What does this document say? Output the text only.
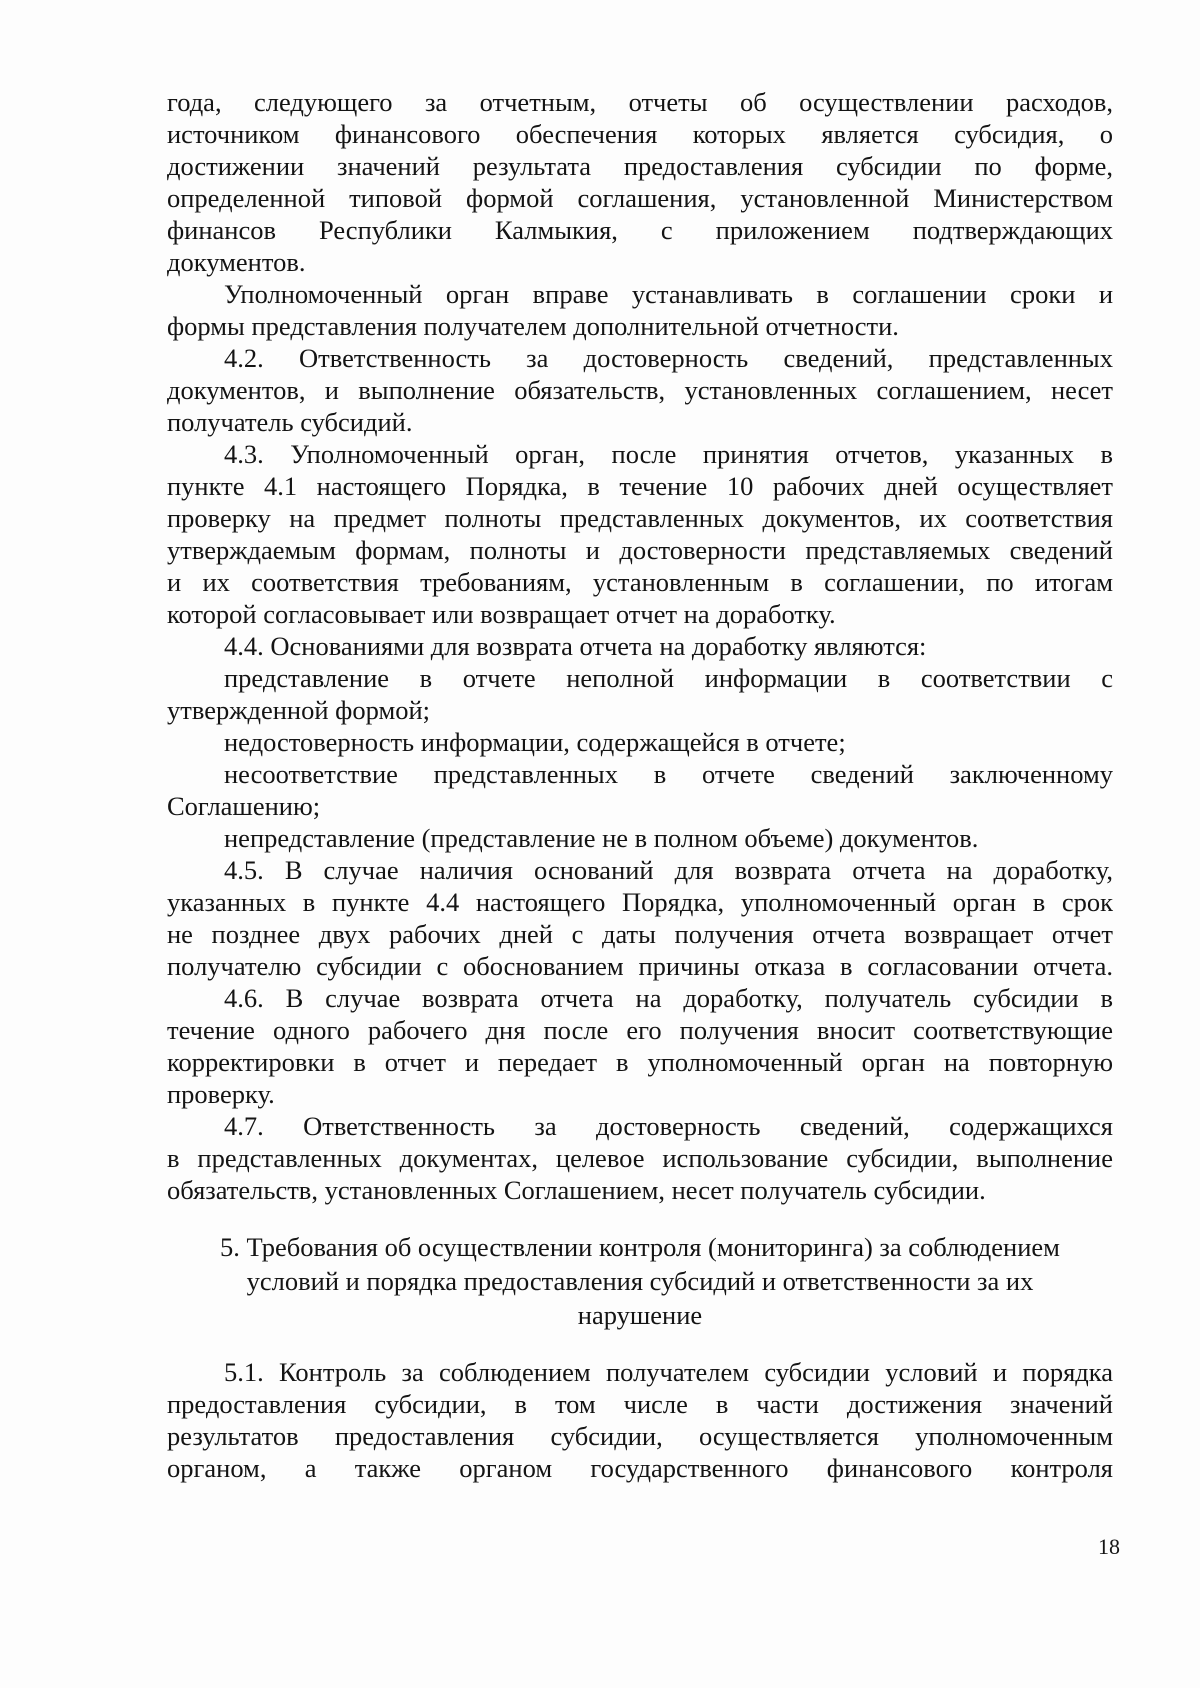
года, следующего за отчетным, отчеты об осуществлении расходов,
источником финансового обеспечения которых является субсидия, о
достижении значений результата предоставления субсидии по форме,
определенной типовой формой соглашения, установленной Министерством
финансов Республики Калмыкия, с приложением подтверждающих
документов.
Уполномоченный орган вправе устанавливать в соглашении сроки и
формы представления получателем дополнительной отчетности.
4.2. Ответственность за достоверность сведений, представленных
документов, и выполнение обязательств, установленных соглашением, несет
получатель субсидий.
4.3. Уполномоченный орган, после принятия отчетов, указанных в
пункте 4.1 настоящего Порядка, в течение 10 рабочих дней осуществляет
проверку на предмет полноты представленных документов, их соответствия
утверждаемым формам, полноты и достоверности представляемых сведений
и их соответствия требованиям, установленным в соглашении, по итогам
которой согласовывает или возвращает отчет на доработку.
4.4. Основаниями для возврата отчета на доработку являются:
представление в отчете неполной информации в соответствии с
утвержденной формой;
недостоверность информации, содержащейся в отчете;
несоответствие представленных в отчете сведений заключенному
Соглашению;
непредставление (представление не в полном объеме) документов.
4.5. В случае наличия оснований для возврата отчета на доработку,
указанных в пункте 4.4 настоящего Порядка, уполномоченный орган в срок
не позднее двух рабочих дней с даты получения отчета возвращает отчет
получателю субсидии с обоснованием причины отказа в согласовании отчета.
4.6. В случае возврата отчета на доработку, получатель субсидии в
течение одного рабочего дня после его получения вносит соответствующие
корректировки в отчет и передает в уполномоченный орган на повторную
проверку.
4.7. Ответственность за достоверность сведений, содержащихся
в представленных документах, целевое использование субсидии, выполнение
обязательств, установленных Соглашением, несет получатель субсидии.
5. Требования об осуществлении контроля (мониторинга) за соблюдением
условий и порядка предоставления субсидий и ответственности за их
нарушение
5.1. Контроль за соблюдением получателем субсидии условий и порядка
предоставления субсидии, в том числе в части достижения значений
результатов предоставления субсидии, осуществляется уполномоченным
органом, а также органом государственного финансового контроля
18
